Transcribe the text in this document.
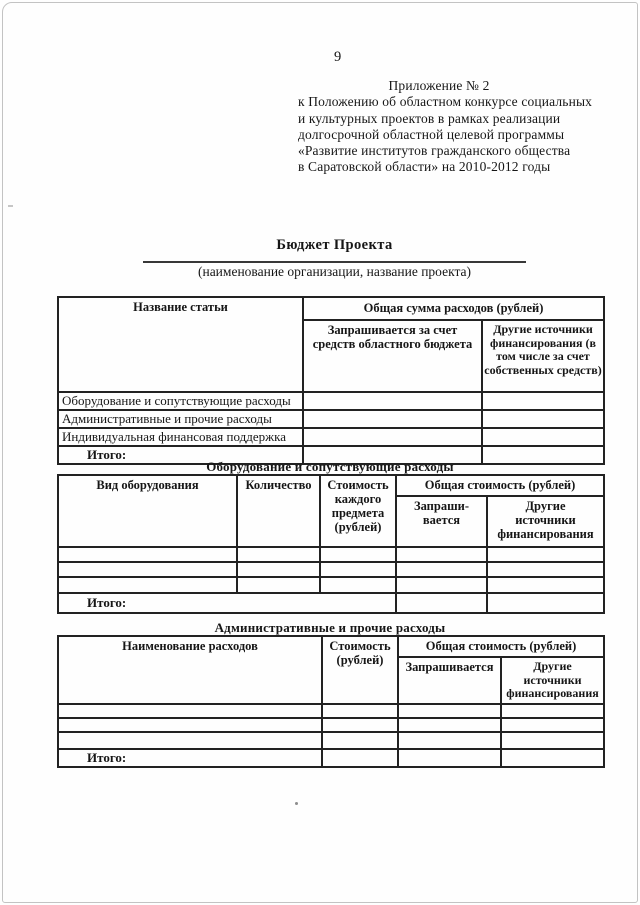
9
Приложение № 2
к Положению об областном конкурсе социальных
и культурных проектов в рамках реализации
долгосрочной областной целевой программы
«Развитие институтов гражданского общества
в Саратовской области» на 2010-2012 годы
Бюджет Проекта
(наименование организации, название проекта)
Название статьи	Общая сумма расходов (рублей)	
	Запрашивается за счет средств областного бюджета	Другие источники финансирования (в том числе за счет собственных средств)
Оборудование и сопутствующие расходы		
Административные и прочие расходы		
Индивидуальная финансовая поддержка		
Итого:		
Оборудование и сопутствующие расходы
Вид оборудования	Количество	Стоимость каждого предмета (рублей)	Общая стоимость (рублей)	
			Запраши-вается	Другие источники финансирования

Итого:				
Административные и прочие расходы
Наименование расходов	Стоимость (рублей)	Общая стоимость (рублей)	
		Запрашивается	Другие источники финансирования

Итого:			
